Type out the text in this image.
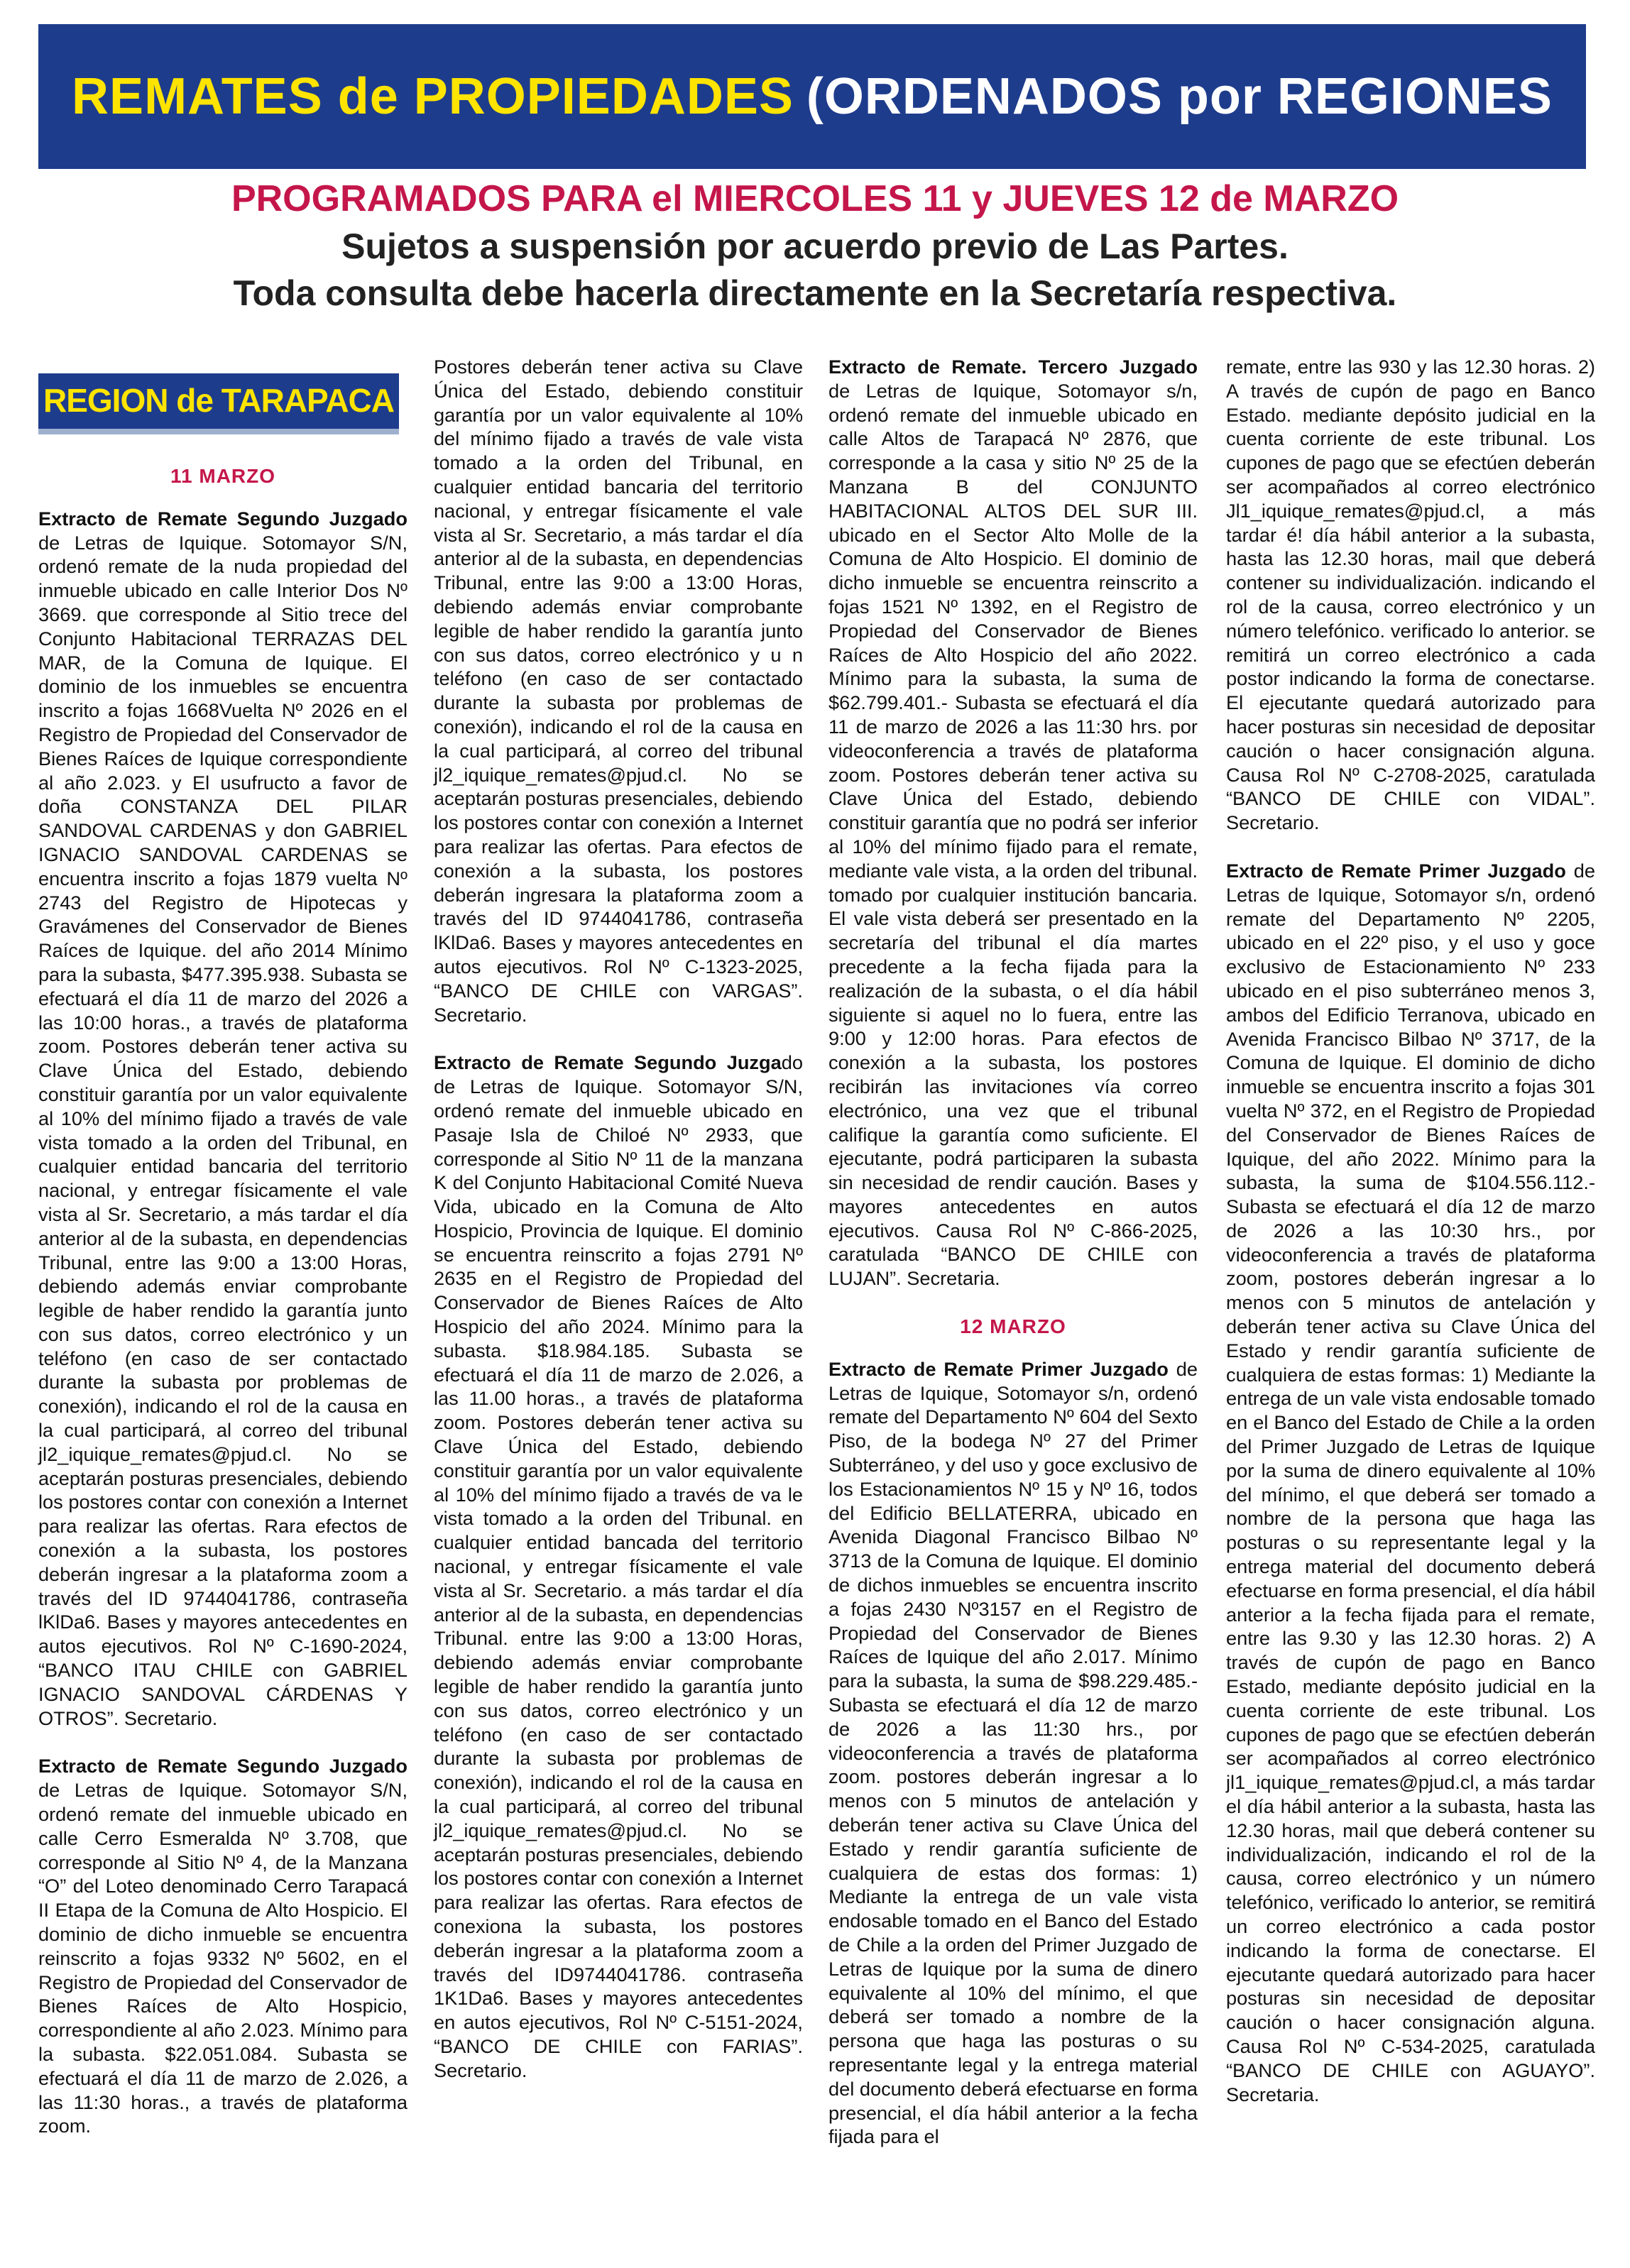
REMATES de PROPIEDADES (ORDENADOS por REGIONES
PROGRAMADOS PARA el MIERCOLES 11 y JUEVES 12 de MARZO
Sujetos a suspensión por acuerdo previo de Las Partes.
Toda consulta debe hacerla directamente en la Secretaría respectiva.
REGION de TARAPACA
11 MARZO

Extracto de Remate Segundo Juzgado de Letras de Iquique. Sotomayor S/N, ordenó remate de la nuda propiedad del inmueble ubicado en calle Interior Dos Nº 3669. que corresponde al Sitio trece del Conjunto Habitacional TERRAZAS DEL MAR, de la Comuna de Iquique. El dominio de los inmuebles se encuentra inscrito a fojas 1668Vuelta Nº 2026 en el Registro de Propiedad del Conservador de Bienes Raíces de Iquique correspondiente al año 2.023. y El usufructo a favor de doña CONSTANZA DEL PILAR SANDOVAL CARDENAS y don GABRIEL IGNACIO SANDOVAL CARDENAS se encuentra inscrito a fojas 1879 vuelta Nº 2743 del Registro de Hipotecas y Gravámenes del Conservador de Bienes Raíces de Iquique. del año 2014 Mínimo para la subasta, $477.395.938. Subasta se efectuará el día 11 de marzo del 2026 a las 10:00 horas., a través de plataforma zoom. Postores deberán tener activa su Clave Única del Estado, debiendo constituir garantía por un valor equivalente al 10% del mínimo fijado a través de vale vista tomado a la orden del Tribunal, en cualquier entidad bancaria del territorio nacional, y entregar físicamente el vale vista al Sr. Secretario, a más tardar el día anterior al de la subasta, en dependencias Tribunal, entre las 9:00 a 13:00 Horas, debiendo además enviar comprobante legible de haber rendido la garantía junto con sus datos, correo electrónico y un teléfono (en caso de ser contactado durante la subasta por problemas de conexión), indicando el rol de la causa en la cual participará, al correo del tribunal jl2_iquique_remates@pjud.cl. No se aceptarán posturas presenciales, debiendo los postores contar con conexión a Internet para realizar las ofertas. Rara efectos de conexión a la subasta, los postores deberán ingresar a la plataforma zoom a través del ID 9744041786, contraseña lKlDa6. Bases y mayores antecedentes en autos ejecutivos. Rol Nº C-1690-2024, “BANCO ITAU CHILE con GABRIEL IGNACIO SANDOVAL CÁRDENAS Y OTROS”. Secretario.

Extracto de Remate Segundo Juzgado de Letras de Iquique. Sotomayor S/N, ordenó remate del inmueble ubicado en calle Cerro Esmeralda Nº 3.708, que corresponde al Sitio Nº 4, de la Manzana “O” del Loteo denominado Cerro Tarapacá II Etapa de la Comuna de Alto Hospicio. El dominio de dicho inmueble se encuentra reinscrito a fojas 9332 Nº 5602, en el Registro de Propiedad del Conservador de Bienes Raíces de Alto Hospicio, correspondiente al año 2.023. Mínimo para la subasta. $22.051.084. Subasta se efectuará el día 11 de marzo de 2.026, a las 11:30 horas., a través de plataforma zoom.

Postores deberán tener activa su Clave Única del Estado, debiendo constituir garantía por un valor equivalente al 10% del mínimo fijado a través de vale vista tomado a la orden del Tribunal, en cualquier entidad bancaria del territorio nacional, y entregar físicamente el vale vista al Sr. Secretario, a más tardar el día anterior al de la subasta, en dependencias Tribunal, entre las 9:00 a 13:00 Horas, debiendo además enviar comprobante legible de haber rendido la garantía junto con sus datos, correo electrónico y u n teléfono (en caso de ser contactado durante la subasta por problemas de conexión), indicando el rol de la causa en la cual participará, al correo del tribunal jl2_iquique_remates@pjud.cl. No se aceptarán posturas presenciales, debiendo los postores contar con conexión a Internet para realizar las ofertas. Para efectos de conexión a la subasta, los postores deberán ingresara la plataforma zoom a través del ID 9744041786, contraseña lKlDa6. Bases y mayores antecedentes en autos ejecutivos. Rol Nº C-1323-2025, “BANCO DE CHILE con VARGAS”. Secretario.

Extracto de Remate Segundo Juzgado de Letras de Iquique. Sotomayor S/N, ordenó remate del inmueble ubicado en Pasaje Isla de Chiloé Nº 2933, que corresponde al Sitio Nº 11 de la manzana K del Conjunto Habitacional Comité Nueva Vida, ubicado en la Comuna de Alto Hospicio, Provincia de Iquique. El dominio se encuentra reinscrito a fojas 2791 Nº 2635 en el Registro de Propiedad del Conservador de Bienes Raíces de Alto Hospicio del año 2024. Mínimo para la subasta. $18.984.185. Subasta se efectuará el día 11 de marzo de 2.026, a las 11.00 horas., a través de plataforma zoom. Postores deberán tener activa su Clave Única del Estado, debiendo constituir garantía por un valor equivalente al 10% del mínimo fijado a través de va le vista tomado a la orden del Tribunal. en cualquier entidad bancada del territorio nacional, y entregar físicamente el vale vista al Sr. Secretario. a más tardar el día anterior al de la subasta, en dependencias Tribunal. entre las 9:00 a 13:00 Horas, debiendo además enviar comprobante legible de haber rendido la garantía junto con sus datos, correo electrónico y un teléfono (en caso de ser contactado durante la subasta por problemas de conexión), indicando el rol de la causa en la cual participará, al correo del tribunal jl2_iquique_remates@pjud.cl. No se aceptarán posturas presenciales, debiendo los postores contar con conexión a Internet para realizar las ofertas. Rara efectos de conexiona la subasta, los postores deberán ingresar a la plataforma zoom a través del ID9744041786. contraseña 1K1Da6. Bases y mayores antecedentes en autos ejecutivos, Rol Nº C-5151-2024, “BANCO DE CHILE con FARIAS”. Secretario.

Extracto de Remate. Tercero Juzgado de Letras de Iquique, Sotomayor s/n, ordenó remate del inmueble ubicado en calle Altos de Tarapacá Nº 2876, que corresponde a la casa y sitio Nº 25 de la Manzana B del CONJUNTO HABITACIONAL ALTOS DEL SUR III. ubicado en el Sector Alto Molle de la Comuna de Alto Hospicio. El dominio de dicho inmueble se encuentra reinscrito a fojas 1521 Nº 1392, en el Registro de Propiedad del Conservador de Bienes Raíces de Alto Hospicio del año 2022. Mínimo para la subasta, la suma de $62.799.401.- Subasta se efectuará el día 11 de marzo de 2026 a las 11:30 hrs. por videoconferencia a través de plataforma zoom. Postores deberán tener activa su Clave Única del Estado, debiendo constituir garantía que no podrá ser inferior al 10% del mínimo fijado para el remate, mediante vale vista, a la orden del tribunal. tomado por cualquier institución bancaria. El vale vista deberá ser presentado en la secretaría del tribunal el día martes precedente a la fecha fijada para la realización de la subasta, o el día hábil siguiente si aquel no lo fuera, entre las 9:00 y 12:00 horas. Para efectos de conexión a la subasta, los postores recibirán las invitaciones vía correo electrónico, una vez que el tribunal califique la garantía como suficiente. El ejecutante, podrá participaren la subasta sin necesidad de rendir caución. Bases y mayores antecedentes en autos ejecutivos. Causa Rol Nº C-866-2025, caratulada “BANCO DE CHILE con LUJAN”. Secretaria.

12 MARZO

Extracto de Remate Primer Juzgado de Letras de Iquique, Sotomayor s/n, ordenó remate del Departamento Nº 604 del Sexto Piso, de la bodega Nº 27 del Primer Subterráneo, y del uso y goce exclusivo de los Estacionamientos Nº 15 y Nº 16, todos del Edificio BELLATERRA, ubicado en Avenida Diagonal Francisco Bilbao Nº 3713 de la Comuna de Iquique. El dominio de dichos inmuebles se encuentra inscrito a fojas 2430 Nº3157 en el Registro de Propiedad del Conservador de Bienes Raíces de Iquique del año 2.017. Mínimo para la subasta, la suma de $98.229.485.-Subasta se efectuará el día 12 de marzo de 2026 a las 11:30 hrs., por videoconferencia a través de plataforma zoom. postores deberán ingresar a lo menos con 5 minutos de antelación y deberán tener activa su Clave Única del Estado y rendir garantía suficiente de cualquiera de estas dos formas: 1) Mediante la entrega de un vale vista endosable tomado en el Banco del Estado de Chile a la orden del Primer Juzgado de Letras de Iquique por la suma de dinero equivalente al 10% del mínimo, el que deberá ser tomado a nombre de la persona que haga las posturas o su representante legal y la entrega material del documento deberá efectuarse en forma presencial, el día hábil anterior a la fecha fijada para el

remate, entre las 930 y las 12.30 horas. 2) A través de cupón de pago en Banco Estado. mediante depósito judicial en la cuenta corriente de este tribunal. Los cupones de pago que se efectúen deberán ser acompañados al correo electrónico Jl1_iquique_remates@pjud.cl, a más tardar é! día hábil anterior a la subasta, hasta las 12.30 horas, mail que deberá contener su individualización. indicando el rol de la causa, correo electrónico y un número telefónico. verificado lo anterior. se remitirá un correo electrónico a cada postor indicando la forma de conectarse. El ejecutante quedará autorizado para hacer posturas sin necesidad de depositar caución o hacer consignación alguna. Causa Rol Nº C-2708-2025, caratulada “BANCO DE CHILE con VIDAL”. Secretario.

Extracto de Remate Primer Juzgado de Letras de Iquique, Sotomayor s/n, ordenó remate del Departamento Nº 2205, ubicado en el 22º piso, y el uso y goce exclusivo de Estacionamiento Nº 233 ubicado en el piso subterráneo menos 3, ambos del Edificio Terranova, ubicado en Avenida Francisco Bilbao Nº 3717, de la Comuna de Iquique. El dominio de dicho inmueble se encuentra inscrito a fojas 301 vuelta Nº 372, en el Registro de Propiedad del Conservador de Bienes Raíces de Iquique, del año 2022. Mínimo para la subasta, la suma de $104.556.112.- Subasta se efectuará el día 12 de marzo de 2026 a las 10:30 hrs., por videoconferencia a través de plataforma zoom, postores deberán ingresar a lo menos con 5 minutos de antelación y deberán tener activa su Clave Única del Estado y rendir garantía suficiente de cualquiera de estas formas: 1) Mediante la entrega de un vale vista endosable tomado en el Banco del Estado de Chile a la orden del Primer Juzgado de Letras de Iquique por la suma de dinero equivalente al 10% del mínimo, el que deberá ser tomado a nombre de la persona que haga las posturas o su representante legal y la entrega material del documento deberá efectuarse en forma presencial, el día hábil anterior a la fecha fijada para el remate, entre las 9.30 y las 12.30 horas. 2) A través de cupón de pago en Banco Estado, mediante depósito judicial en la cuenta corriente de este tribunal. Los cupones de pago que se efectúen deberán ser acompañados al correo electrónico jl1_iquique_remates@pjud.cl, a más tardar el día hábil anterior a la subasta, hasta las 12.30 horas, mail que deberá contener su individualización, indicando el rol de la causa, correo electrónico y un número telefónico, verificado lo anterior, se remitirá un correo electrónico a cada postor indicando la forma de conectarse. El ejecutante quedará autorizado para hacer posturas sin necesidad de depositar caución o hacer consignación alguna. Causa Rol Nº C-534-2025, caratulada “BANCO DE CHILE con AGUAYO”. Secretaria.
